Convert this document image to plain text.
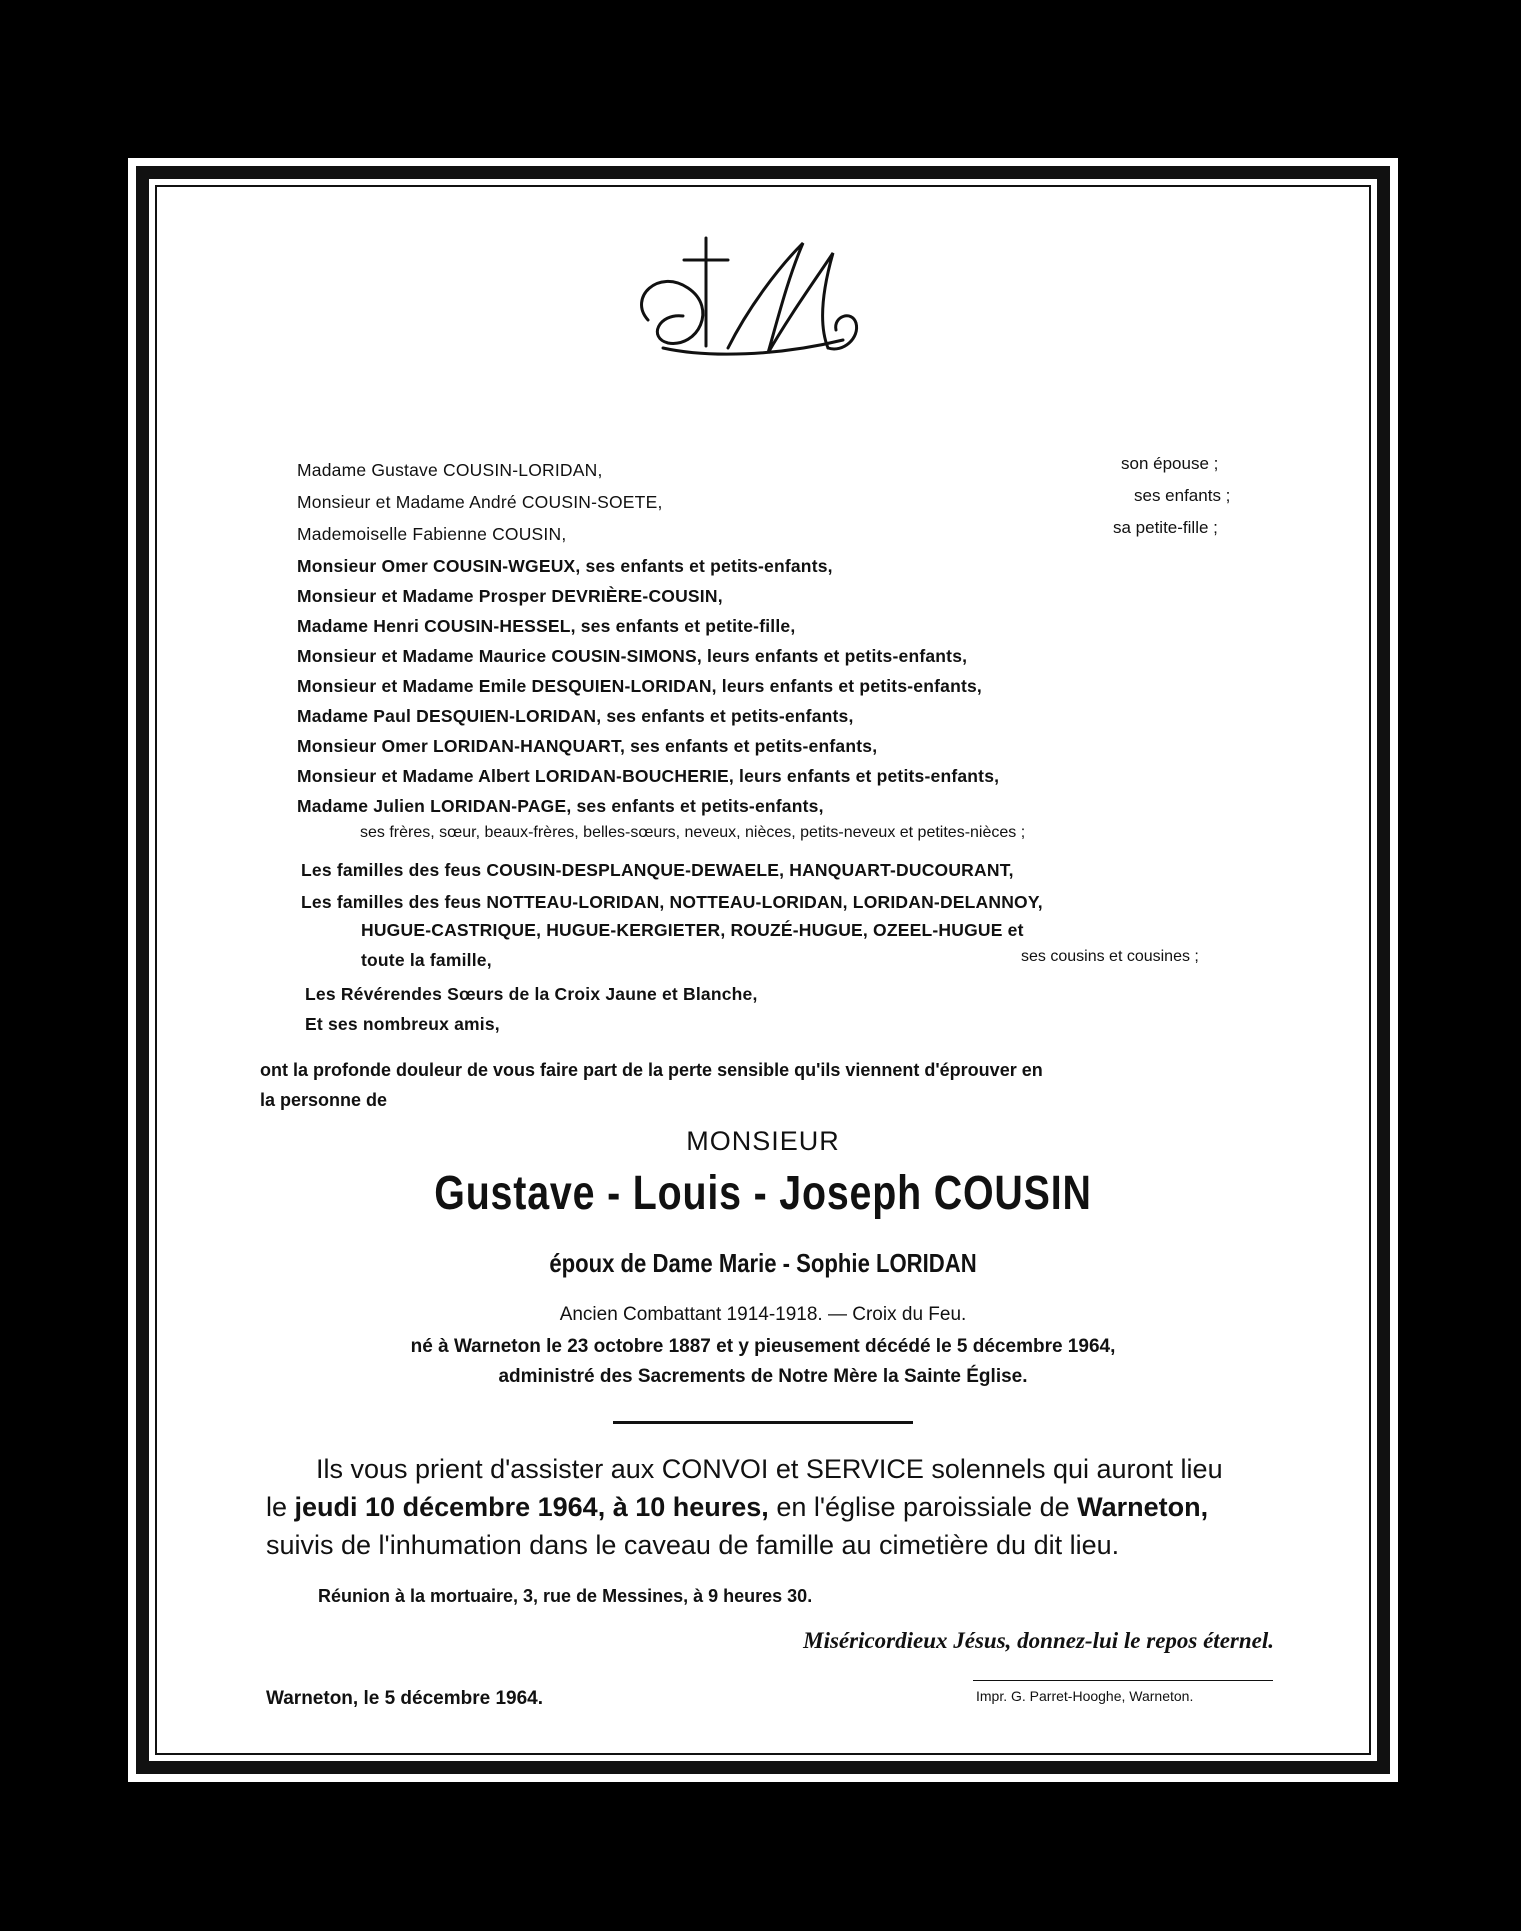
Madame Gustave COUSIN-LORIDAN,	son épouse ;
Monsieur et Madame André COUSIN-SOETE,	ses enfants ;
Mademoiselle Fabienne COUSIN,	sa petite-fille ;
Monsieur Omer COUSIN-WGEUX, ses enfants et petits-enfants,
Monsieur et Madame Prosper DEVRIÈRE-COUSIN,
Madame Henri COUSIN-HESSEL, ses enfants et petite-fille,
Monsieur et Madame Maurice COUSIN-SIMONS, leurs enfants et petits-enfants,
Monsieur et Madame Emile DESQUIEN-LORIDAN, leurs enfants et petits-enfants,
Madame Paul DESQUIEN-LORIDAN, ses enfants et petits-enfants,
Monsieur Omer LORIDAN-HANQUART, ses enfants et petits-enfants,
Monsieur et Madame Albert LORIDAN-BOUCHERIE, leurs enfants et petits-enfants,
Madame Julien LORIDAN-PAGE, ses enfants et petits-enfants,
ses frères, sœur, beaux-frères, belles-sœurs, neveux, nièces, petits-neveux et petites-nièces ;
Les familles des feus COUSIN-DESPLANQUE-DEWAELE, HANQUART-DUCOURANT,
Les familles des feus NOTTEAU-LORIDAN, NOTTEAU-LORIDAN, LORIDAN-DELANNOY,
HUGUE-CASTRIQUE, HUGUE-KERGIETER, ROUZÉ-HUGUE, OZEEL-HUGUE et
toute la famille,	ses cousins et cousines ;
Les Révérendes Sœurs de la Croix Jaune et Blanche,
Et ses nombreux amis,
ont la profonde douleur de vous faire part de la perte sensible qu'ils viennent d'éprouver en
la personne de
MONSIEUR
Gustave - Louis - Joseph COUSIN
époux de Dame Marie - Sophie LORIDAN
Ancien Combattant 1914-1918. — Croix du Feu.
né à Warneton le 23 octobre 1887 et y pieusement décédé le 5 décembre 1964,
administré des Sacrements de Notre Mère la Sainte Église.
Ils vous prient d'assister aux CONVOI et SERVICE solennels qui auront lieu
le jeudi 10 décembre 1964, à 10 heures, en l'église paroissiale de Warneton,
suivis de l'inhumation dans le caveau de famille au cimetière du dit lieu.
Réunion à la mortuaire, 3, rue de Messines, à 9 heures 30.
Miséricordieux Jésus, donnez-lui le repos éternel.
Warneton, le 5 décembre 1964.	Impr. G. Parret-Hooghe, Warneton.
